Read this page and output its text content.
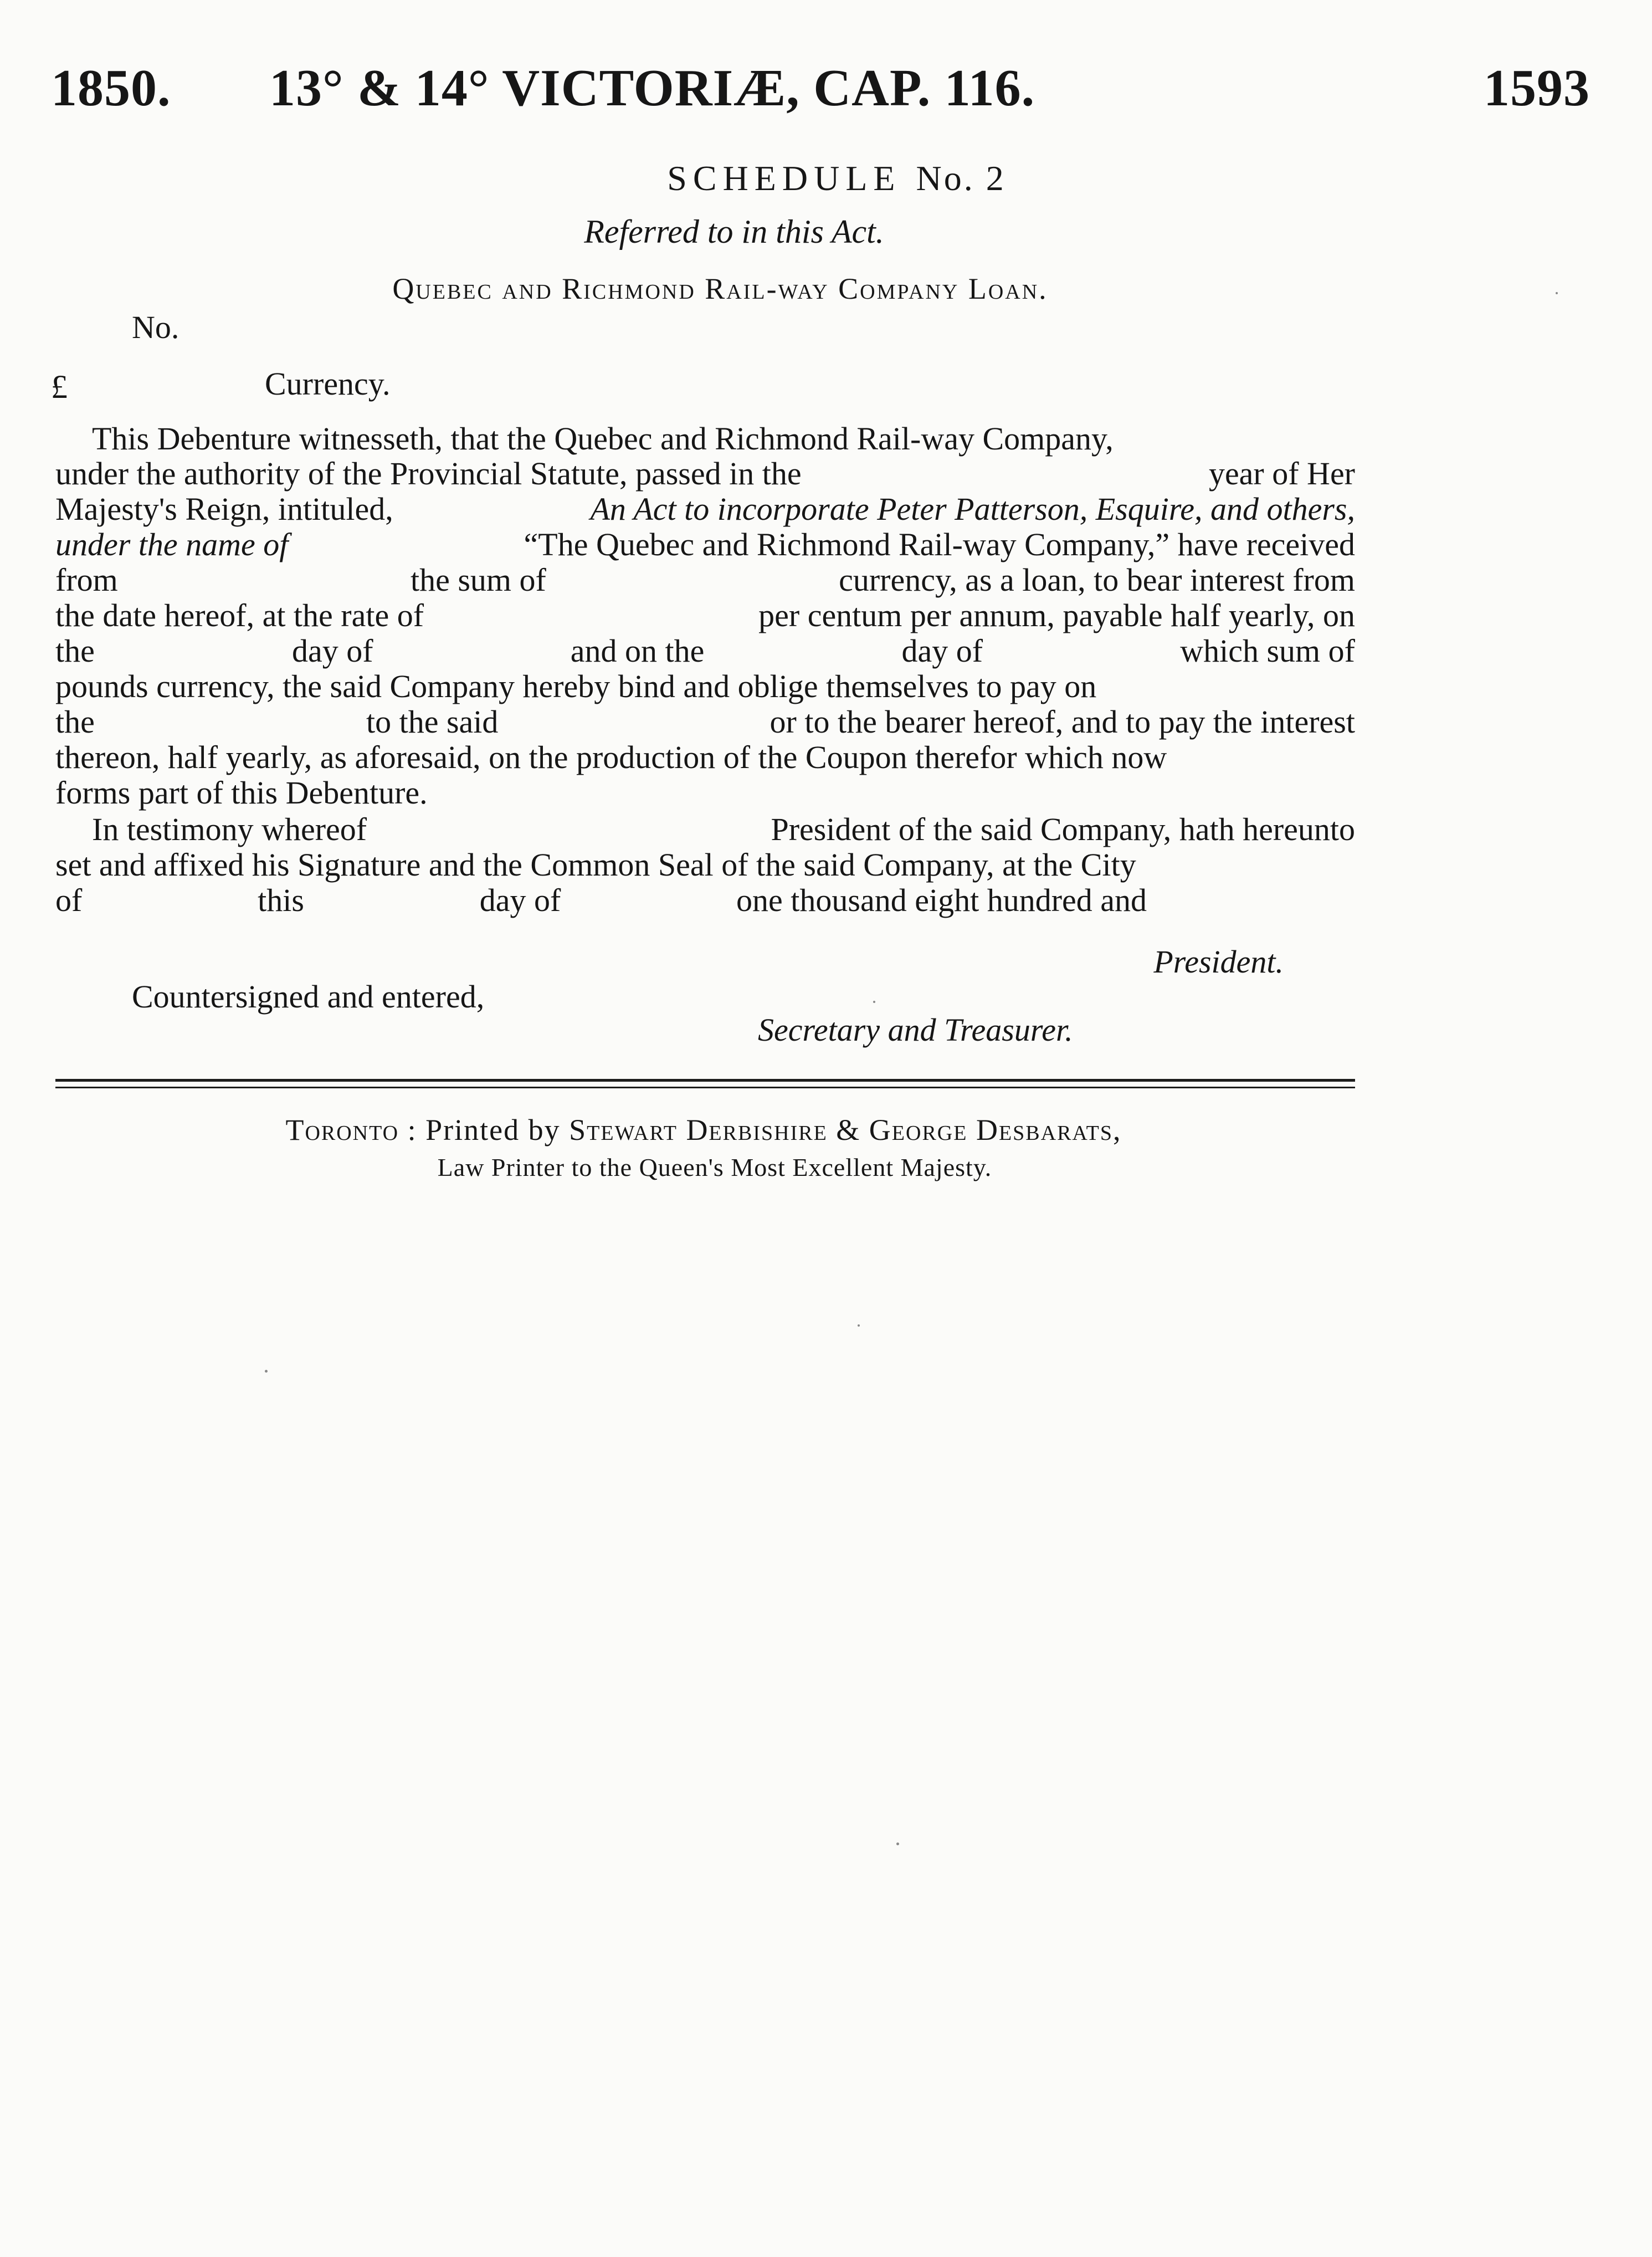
1850. 13° & 14° VICTORIÆ, CAP. 116.	1593
SCHEDULE No. 2
Referred to in this Act.
Quebec and Richmond Rail-way Company Loan.
No.
£	Currency.
This Debenture witnesseth, that the Quebec and Richmond Rail-way Company,
under the authority of the Provincial Statute, passed in the	year of Her
Majesty's Reign, intituled,	An Act to incorporate Peter Patterson, Esquire, and others,
under the name of	“The Quebec and Richmond Rail-way Company,” have received
from	the sum of	currency, as a loan, to bear interest from
the date hereof, at the rate of	per centum per annum, payable half yearly, on
the	day of	and on the	day of	which sum of
pounds currency, the said Company hereby bind and oblige themselves to pay on
the	to the said	or to the bearer hereof, and to pay the interest
thereon, half yearly, as aforesaid, on the production of the Coupon therefor which now
forms part of this Debenture.
In testimony whereof	President of the said Company, hath hereunto
set and affixed his Signature and the Common Seal of the said Company, at the City
of	this	day of	one thousand eight hundred and
President.
Countersigned and entered,
Secretary and Treasurer.
Toronto : Printed by Stewart Derbishire & George Desbarats,
Law Printer to the Queen's Most Excellent Majesty.
